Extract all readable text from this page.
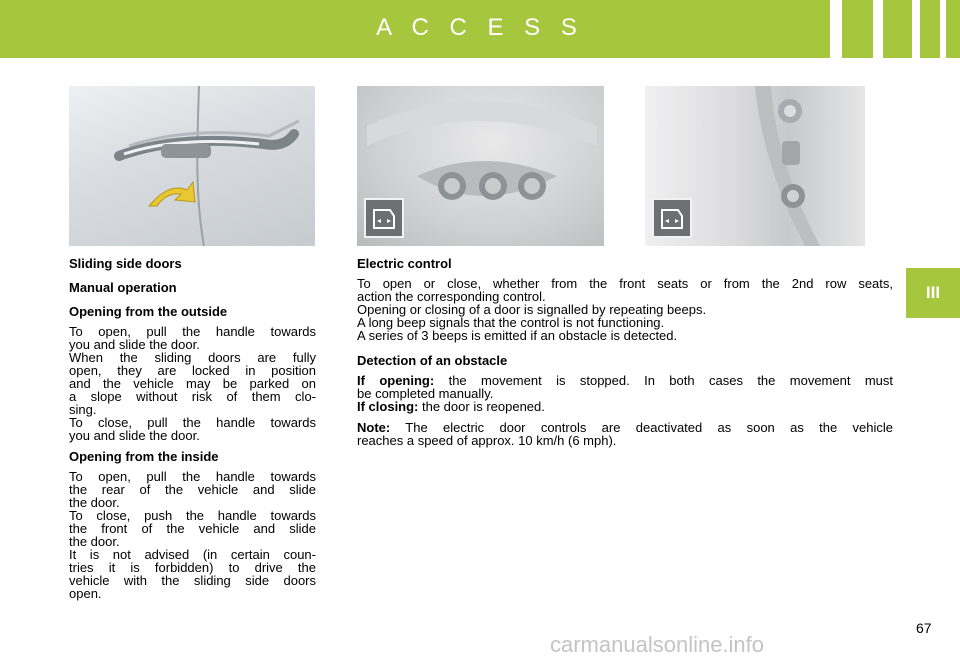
A C C E S S
III
Sliding side doors
Manual operation
Opening from the outside
To open, pull the handle towards
you and slide the door.
When the sliding doors are fully
open, they are locked in position
and the vehicle may be parked on
a slope without risk of them clo-
sing.
To close, pull the handle towards
you and slide the door.
Opening from the inside
To open, pull the handle towards
the rear of the vehicle and slide
the door.
To close, push the handle towards
the front of the vehicle and slide
the door.
It is not advised (in certain coun-
tries it is forbidden) to drive the
vehicle with the sliding side doors
open.
Electric control
To open or close, whether from the front seats or from the 2nd row seats,
action the corresponding control.
Opening or closing of a door is signalled by repeating beeps.
A long beep signals that the control is not functioning.
A series of 3 beeps is emitted if an obstacle is detected.
Detection of an obstacle
If opening: the movement is stopped. In both cases the movement must
be completed manually.
If closing: the door is reopened.
Note: The electric door controls are deactivated as soon as the vehicle
reaches a speed of approx. 10 km/h (6 mph).
67
carmanualsonline.info
